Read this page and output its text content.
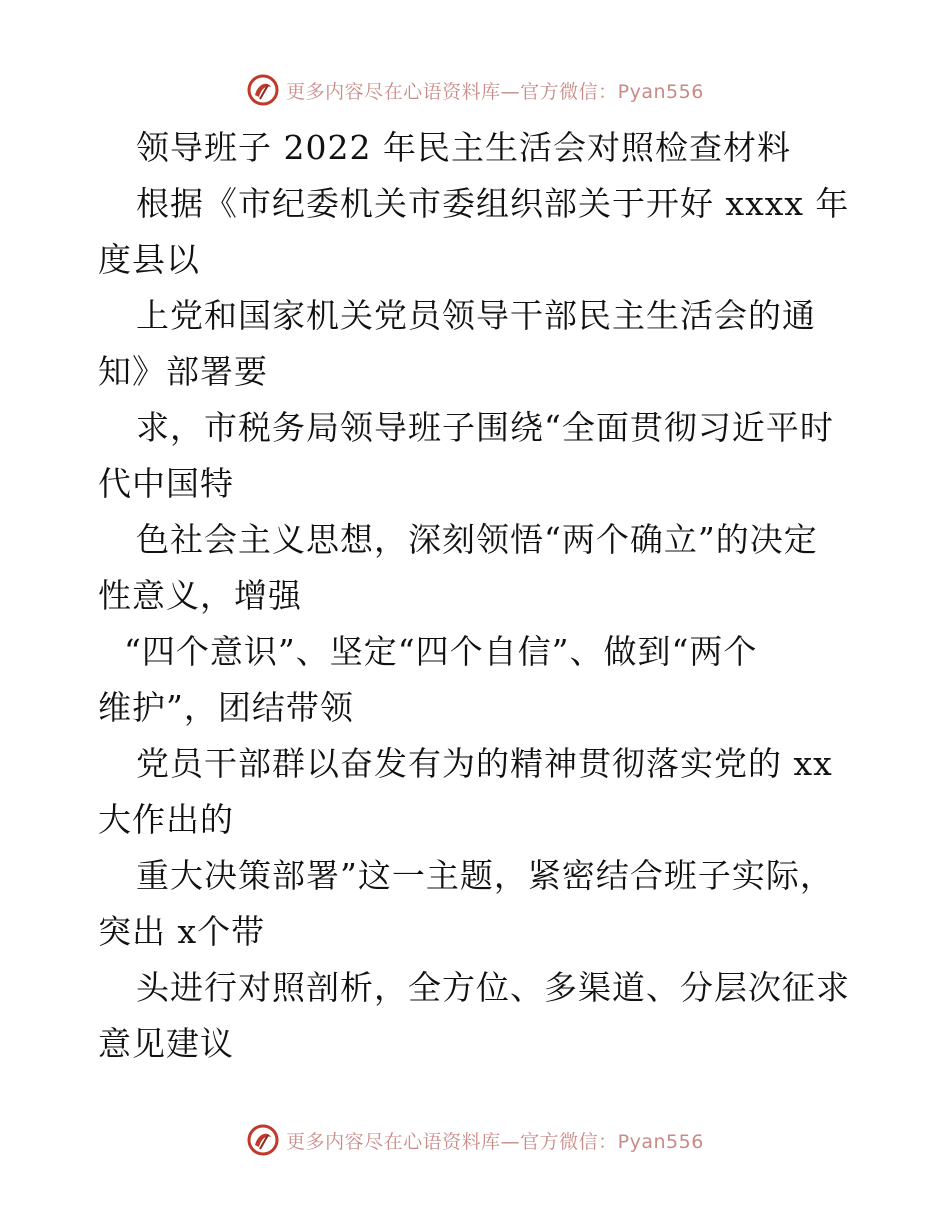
更多内容尽在心语资料库—官方微信：Pyan556
领导班子 2022 年民主生活会对照检查材料
根据《市纪委机关市委组织部关于开好 xxxx 年
度县以
上党和国家机关党员领导干部民主生活会的通
知》部署要
求，市税务局领导班子围绕“全面贯彻习近平时
代中国特
色社会主义思想，深刻领悟“两个确立”的决定
性意义，增强
“四个意识”、坚定“四个自信”、做到“两个
维护”，团结带领
党员干部群以奋发有为的精神贯彻落实党的 xx
大作出的
重大决策部署”这一主题，紧密结合班子实际，
突出 x个带
头进行对照剖析，全方位、多渠道、分层次征求
意见建议
更多内容尽在心语资料库—官方微信：Pyan556
